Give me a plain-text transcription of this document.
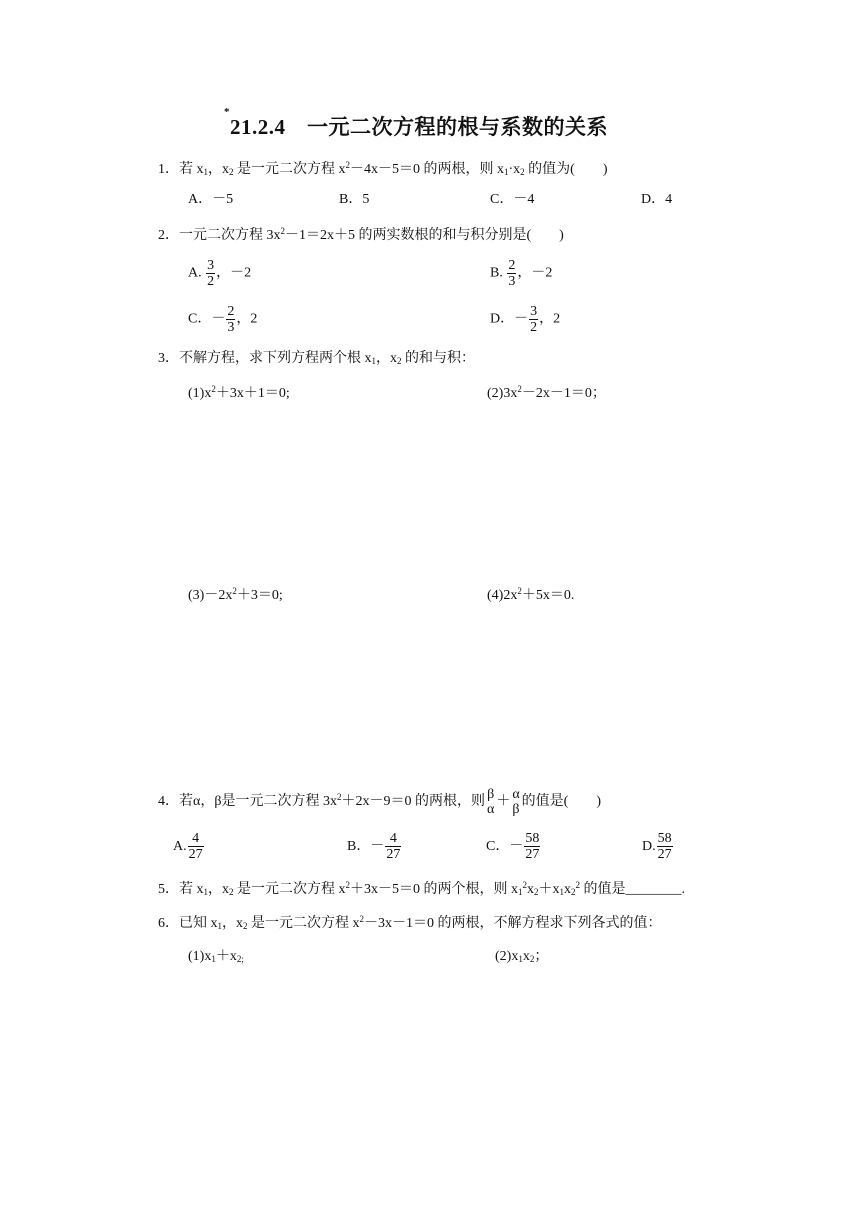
*21.2.4　一元二次方程的根与系数的关系
1．若 $x_1$，$x_2$ 是一元二次方程 $x^2-4x-5=0$ 的两根，则 $x_1\cdot x_2$ 的值为(　　)
A．－5	B．5	C．－4	D．4
2．一元二次方程 $3x^2-1=2x+5$ 的两实数根的和与积分别是(　　)
A. $\frac{3}{2}$ ，－2	B. $\frac{2}{3}$ ，－2
C．－ $\frac{2}{3}$ ，2	D．－ $\frac{3}{2}$ ，2
3．不解方程，求下列方程两个根 $x_1$，$x_2$ 的和与积：
$(1)x^2+3x+1=0$;	$(2)3x^2-2x-1=0$；
$(3)-2x^2+3=0$;	$(4)2x^2+5x=0$.
4．若α，β是一元二次方程 $3x^2+2x-9=0$ 的两根，则 β
α
＋ α
β
的值是(　　)
A. $\frac{4}{27}$	B．－ $\frac{4}{27}$	C．－ $\frac{58}{27}$	D. $\frac{58}{27}$
5．若 $x_1$，$x_2$ 是一元二次方程 $x^2+3x-5=0$ 的两个根，则 $x_1^2x_2+x_1x_2^2$ 的值是________.
6．已知 $x_1$，$x_2$ 是一元二次方程 $x^2-3x-1=0$ 的两根，不解方程求下列各式的值：
$(1)x_1+x_{2;}$	$(2)x_1x_2$；
